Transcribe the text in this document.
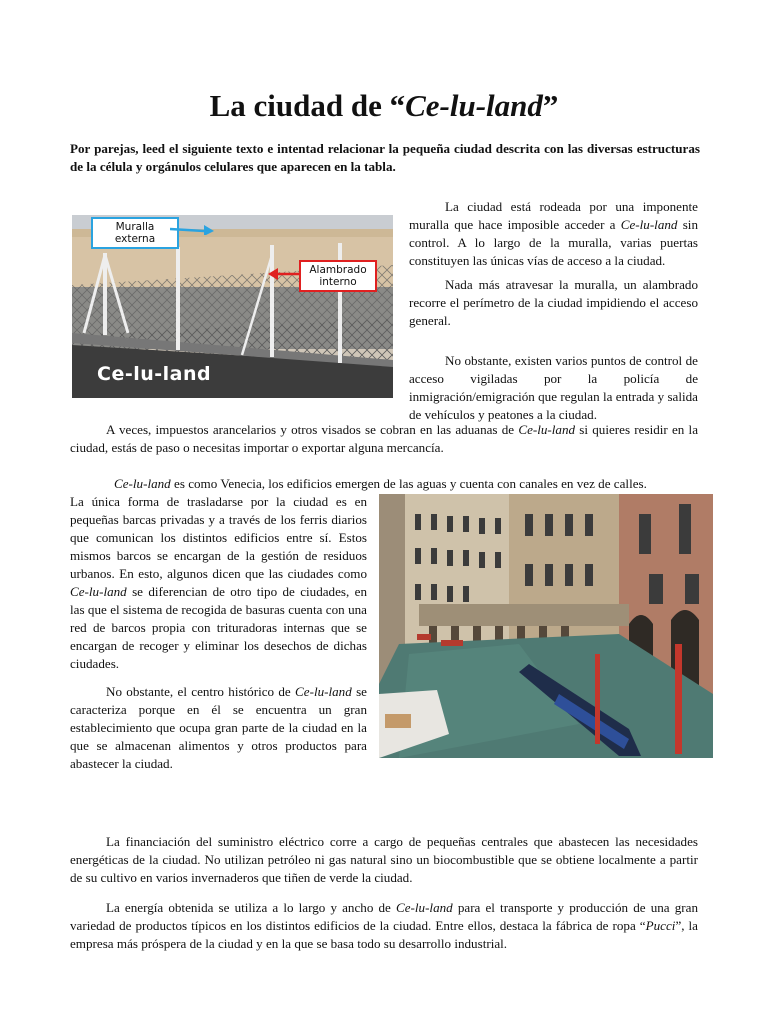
La ciudad de “Ce-lu-land”

Por parejas, leed el siguiente texto e intentad relacionar la pequeña ciudad descrita con las diversas estructuras de la célula y orgánulos celulares que aparecen en la tabla.

Muralla
externa
Alambrado
interno
Ce-lu-land

La ciudad está rodeada por una imponente muralla que hace imposible acceder a Ce-lu-land sin control. A lo largo de la muralla, varias puertas constituyen las únicas vías de acceso a la ciudad.

Nada más atravesar la muralla, un alambrado recorre el perímetro de la ciudad impidiendo el acceso general.

No obstante, existen varios puntos de control de acceso vigiladas por la policía de inmigración/emigración que regulan la entrada y salida de vehículos y peatones a la ciudad.

A veces, impuestos arancelarios y otros visados se cobran en las aduanas de Ce-lu-land si quieres residir en la ciudad, estás de paso o necesitas importar o exportar alguna mercancía.

Ce-lu-land es como Venecia, los edificios emergen de las aguas y cuenta con canales en vez de calles.

La única forma de trasladarse por la ciudad es en pequeñas barcas privadas y a través de los ferris diarios que comunican los distintos edificios entre sí. Estos mismos barcos se encargan de la gestión de residuos urbanos. En esto, algunos dicen que las ciudades como Ce-lu-land se diferencian de otro tipo de ciudades, en las que el sistema de recogida de basuras cuenta con una red de barcos propia con trituradoras internas que se encargan de recoger y eliminar los desechos de dichas ciudades.

No obstante, el centro histórico de Ce-lu-land se caracteriza porque en él se encuentra un gran establecimiento que ocupa gran parte de la ciudad en la que se almacenan alimentos y otros productos para abastecer la ciudad.

La financiación del suministro eléctrico corre a cargo de pequeñas centrales que abastecen las necesidades energéticas de la ciudad. No utilizan petróleo ni gas natural sino un biocombustible que se obtiene localmente a partir de su cultivo en varios invernaderos que tiñen de verde la ciudad.

La energía obtenida se utiliza a lo largo y ancho de Ce-lu-land para el transporte y producción de una gran variedad de productos típicos en los distintos edificios de la ciudad. Entre ellos, destaca la fábrica de ropa “Pucci”, la empresa más próspera de la ciudad y en la que se basa todo su desarrollo industrial.
